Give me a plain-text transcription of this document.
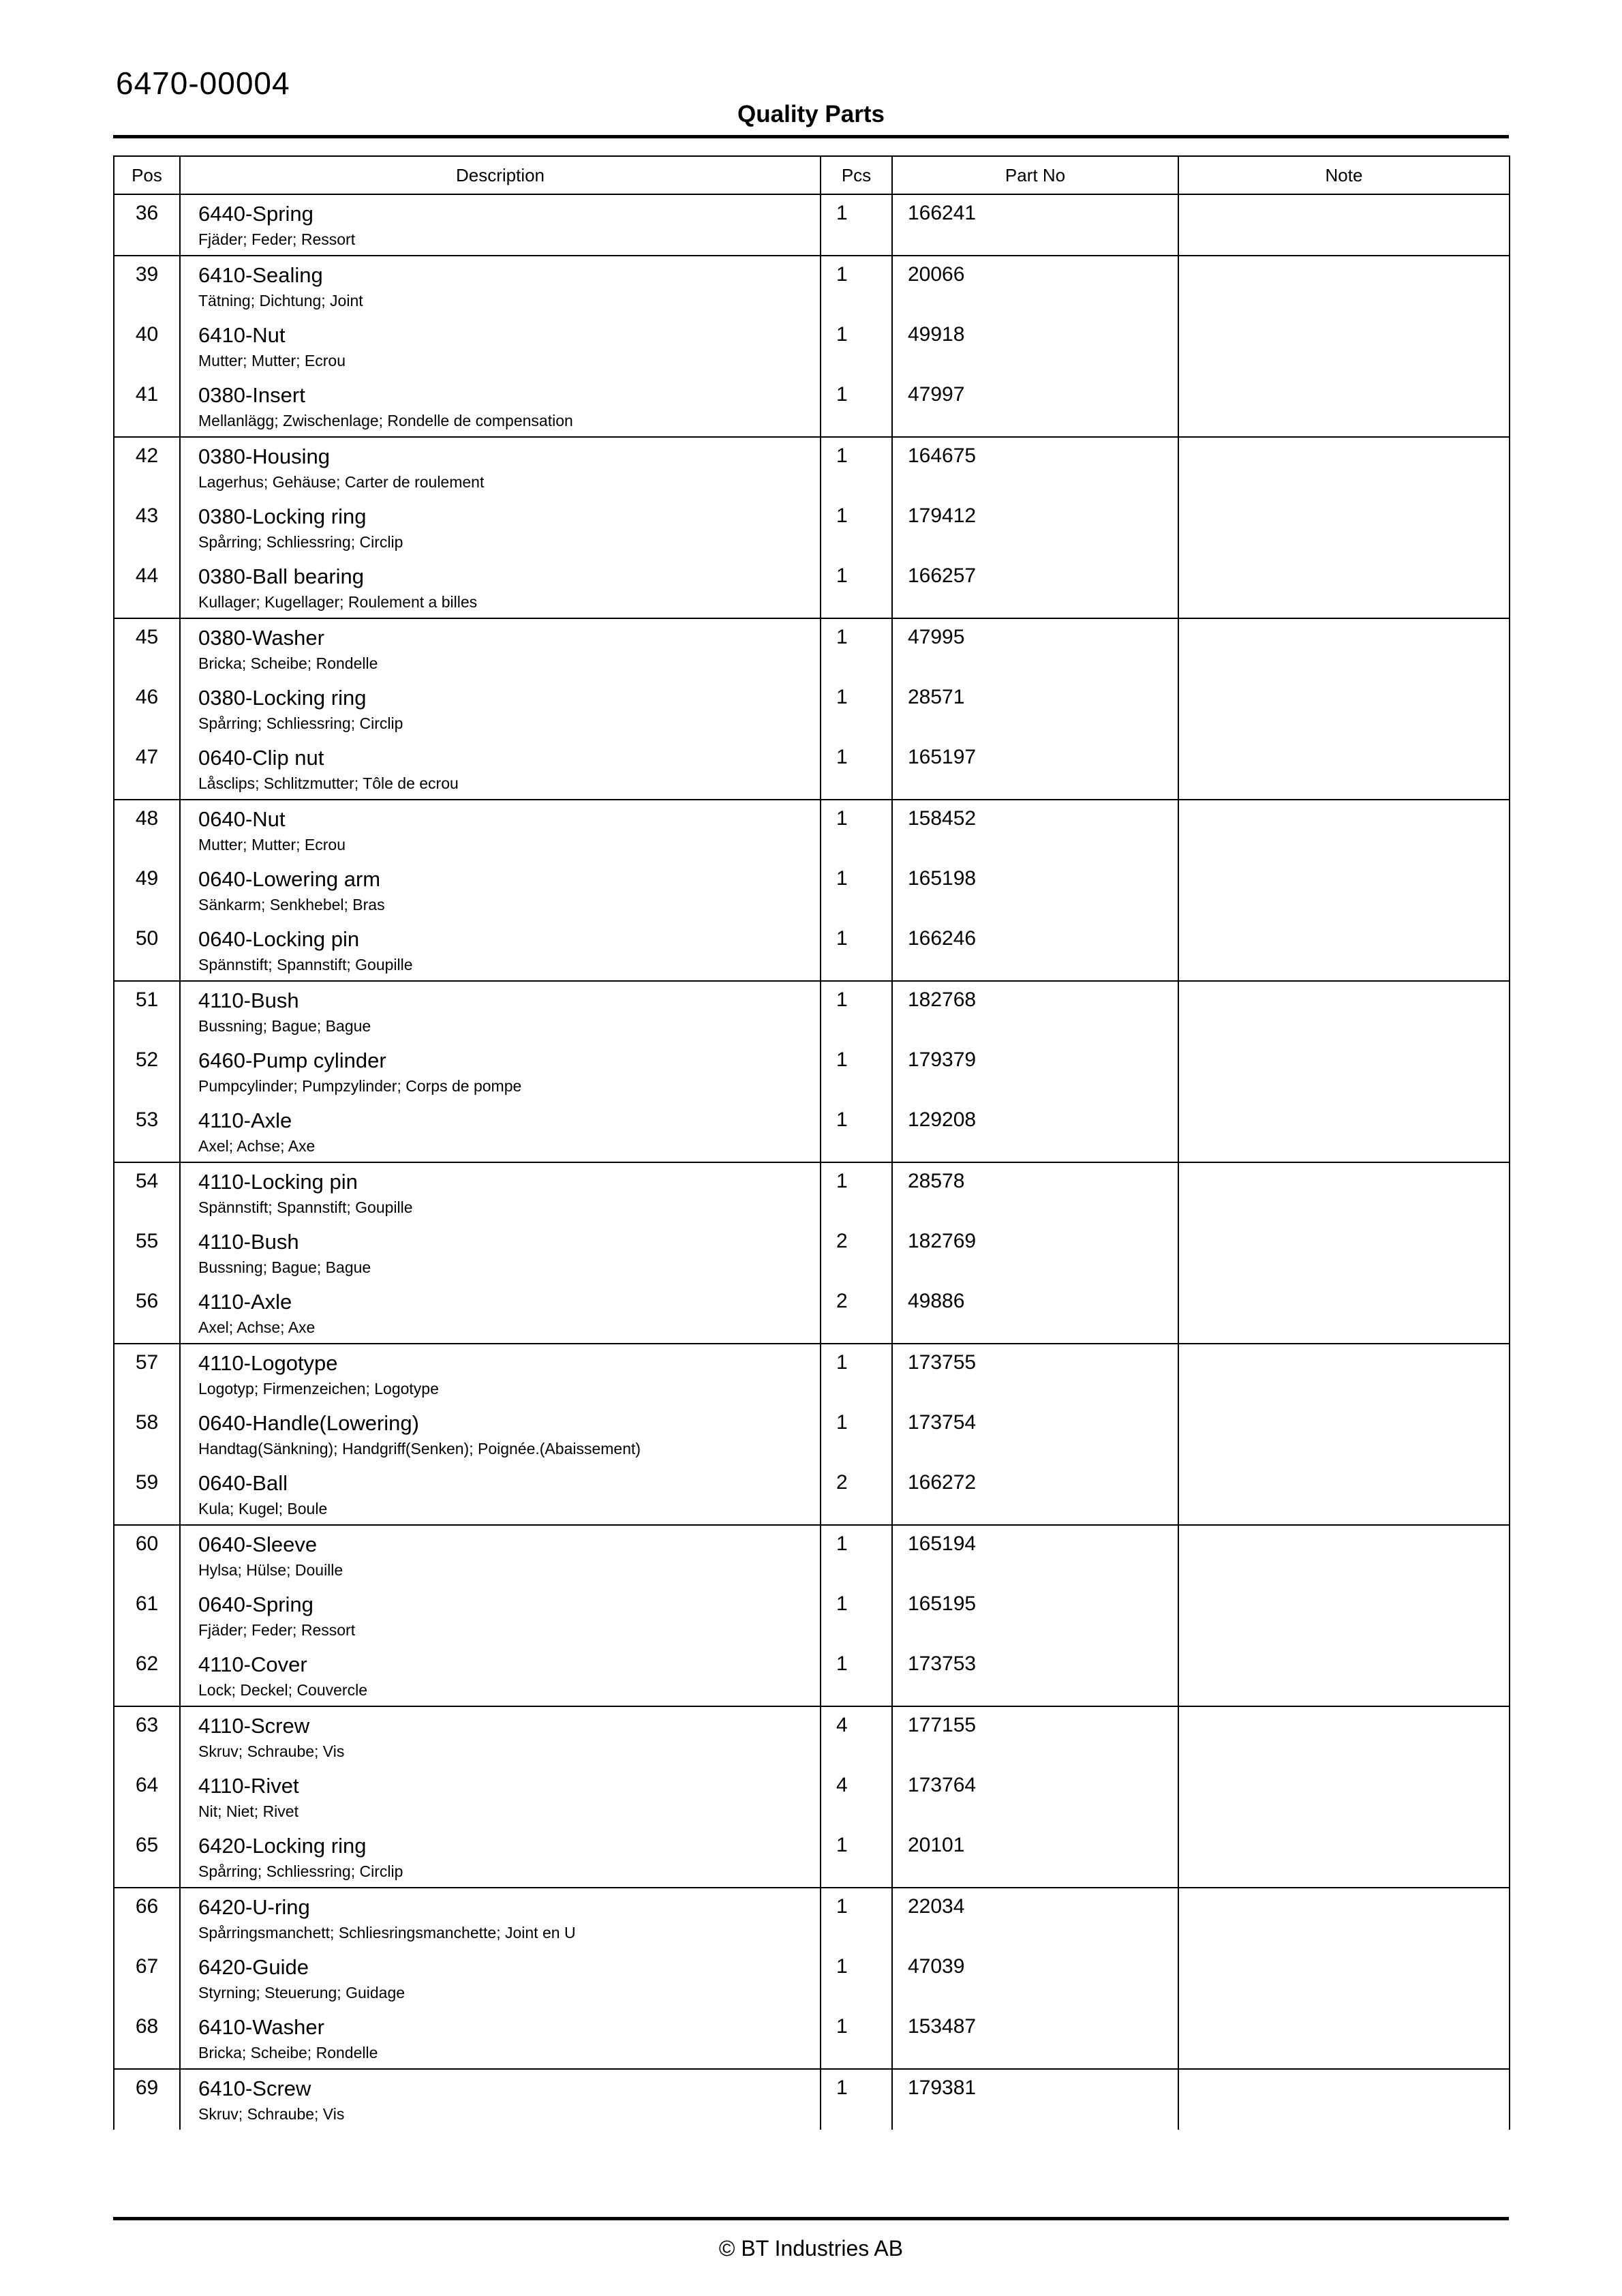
6470-00004
Quality Parts
Pos	Description	Pcs	Part No	Note
36	6440-Spring
Fjäder; Feder; Ressort	1	166241	
39	6410-Sealing
Tätning; Dichtung; Joint	1	20066	
40	6410-Nut
Mutter; Mutter; Ecrou	1	49918	
41	0380-Insert
Mellanlägg; Zwischenlage; Rondelle de compensation	1	47997	
42	0380-Housing
Lagerhus; Gehäuse; Carter de roulement	1	164675	
43	0380-Locking ring
Spårring; Schliessring; Circlip	1	179412	
44	0380-Ball bearing
Kullager; Kugellager; Roulement a billes	1	166257	
45	0380-Washer
Bricka; Scheibe; Rondelle	1	47995	
46	0380-Locking ring
Spårring; Schliessring; Circlip	1	28571	
47	0640-Clip nut
Låsclips; Schlitzmutter; Tôle de ecrou	1	165197	
48	0640-Nut
Mutter; Mutter; Ecrou	1	158452	
49	0640-Lowering arm
Sänkarm; Senkhebel; Bras	1	165198	
50	0640-Locking pin
Spännstift; Spannstift; Goupille	1	166246	
51	4110-Bush
Bussning; Bague; Bague	1	182768	
52	6460-Pump cylinder
Pumpcylinder; Pumpzylinder; Corps de pompe	1	179379	
53	4110-Axle
Axel; Achse; Axe	1	129208	
54	4110-Locking pin
Spännstift; Spannstift; Goupille	1	28578	
55	4110-Bush
Bussning; Bague; Bague	2	182769	
56	4110-Axle
Axel; Achse; Axe	2	49886	
57	4110-Logotype
Logotyp; Firmenzeichen; Logotype	1	173755	
58	0640-Handle(Lowering)
Handtag(Sänkning); Handgriff(Senken); Poignée.(Abaissement)	1	173754	
59	0640-Ball
Kula; Kugel; Boule	2	166272	
60	0640-Sleeve
Hylsa; Hülse; Douille	1	165194	
61	0640-Spring
Fjäder; Feder; Ressort	1	165195	
62	4110-Cover
Lock; Deckel; Couvercle	1	173753	
63	4110-Screw
Skruv; Schraube; Vis	4	177155	
64	4110-Rivet
Nit; Niet; Rivet	4	173764	
65	6420-Locking ring
Spårring; Schliessring; Circlip	1	20101	
66	6420-U-ring
Spårringsmanchett; Schliesringsmanchette; Joint en U	1	22034	
67	6420-Guide
Styrning; Steuerung; Guidage	1	47039	
68	6410-Washer
Bricka; Scheibe; Rondelle	1	153487	
69	6410-Screw
Skruv; Schraube; Vis	1	179381	
© BT Industries AB
